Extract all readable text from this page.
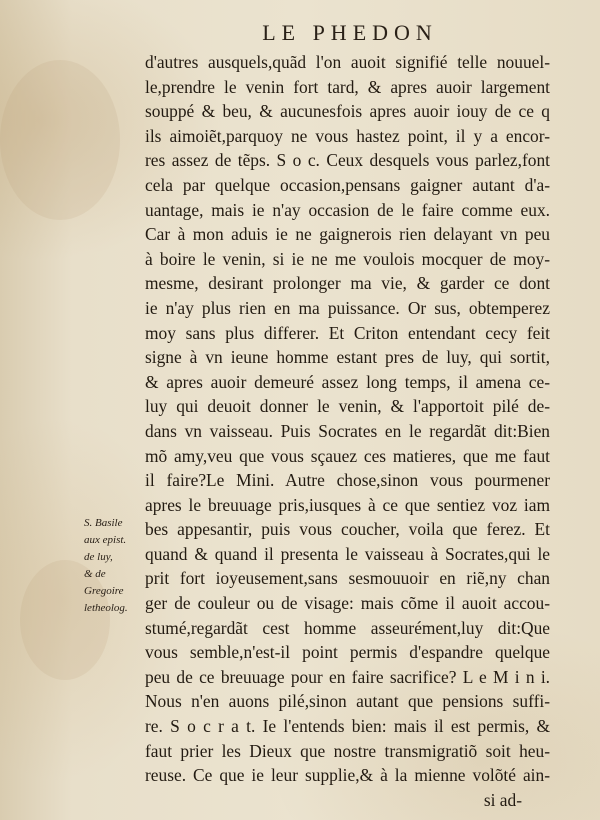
LE PHEDON
d'autres ausquels,quãd l'on auoit signifié telle nouuel-
le,prendre le venin fort tard, & apres auoir largement
souppé & beu, & aucunesfois apres auoir iouy de ce q
ils aimoiẽt,parquoy ne vous hastez point, il y a encor-
res assez de tẽps. S o c. Ceux desquels vous parlez,font
cela par quelque occasion,pensans gaigner autant d'a-
uantage, mais ie n'ay occasion de le faire comme eux.
Car à mon aduis ie ne gaignerois rien delayant vn peu
à boire le venin, si ie ne me voulois mocquer de moy-
mesme, desirant prolonger ma vie, & garder ce dont
ie n'ay plus rien en ma puissance. Or sus, obtemperez
moy sans plus differer. Et Criton entendant cecy feit
signe à vn ieune homme estant pres de luy, qui sortit,
& apres auoir demeuré assez long temps, il amena ce-
luy qui deuoit donner le venin, & l'apportoit pilé de-
dans vn vaisseau. Puis Socrates en le regardãt dit:Bien
mõ amy,veu que vous sçauez ces matieres, que me faut
il faire?Le Mini. Autre chose,sinon vous pourmener
apres le breuuage pris,iusques à ce que sentiez voz iam
bes appesantir, puis vous coucher, voila que ferez. Et
quand & quand il presenta le vaisseau à Socrates,qui le
prit fort ioyeusement,sans sesmouuoir en riẽ,ny chan
ger de couleur ou de visage: mais cõme il auoit accou-
stumé,regardãt cest homme asseurément,luy dit:Que
vous semble,n'est-il point permis d'espandre quelque
peu de ce breuuage pour en faire sacrifice? L e M i n i.
Nous n'en auons pilé,sinon autant que pensions suffi-
re. S o c r a t. Ie l'entends bien: mais il est permis, &
faut prier les Dieux que nostre transmigratiõ soit heu-
reuse. Ce que ie leur supplie,& à la mienne volõté ain-
si ad-
S. Basile
aux epist.
de luy,
& de
Gregoire
letheolog.
